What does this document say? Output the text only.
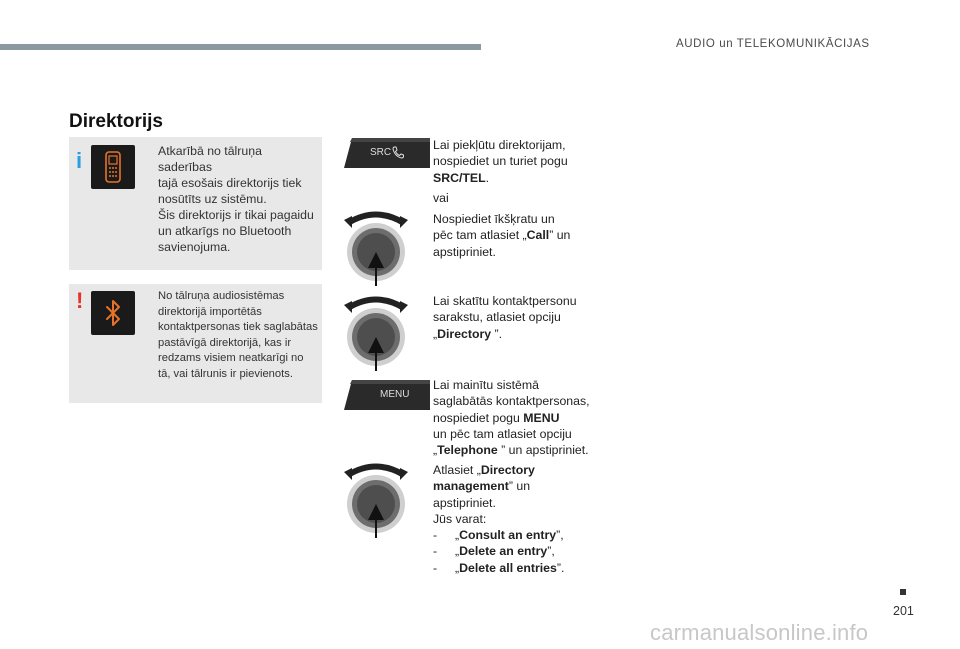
AUDIO un TELEKOMUNIKĀCIJAS
Direktorijs
i	Atkarībā no tālruņa saderības
tajā esošais direktorijs tiek
nosūtīts uz sistēmu.
Šis direktorijs ir tikai pagaidu
un atkarīgs no Bluetooth
savienojuma.
!	No tālruņa audiosistēmas
direktorijā importētās
kontaktpersonas tiek saglabātas
pastāvīgā direktorijā, kas ir
redzams visiem neatkarīgi no
tā, vai tālrunis ir pievienots.
SRC
MENU
Lai piekļūtu direktorijam,
nospiediet un turiet pogu
SRC/TEL.
vai
Nospiediet īkšķratu un
pēc tam atlasiet „Call” un
apstipriniet.
Lai skatītu kontaktpersonu
sarakstu, atlasiet opciju
„Directory ”.
Lai mainītu sistēmā
saglabātās kontaktpersonas,
nospiediet pogu MENU
un pēc tam atlasiet opciju
„Telephone ” un apstipriniet.
Atlasiet „Directory
management” un
apstipriniet.
Jūs varat:
- „Consult an entry”,
- „Delete an entry”,
- „Delete all entries”.
201
carmanualsonline.info
